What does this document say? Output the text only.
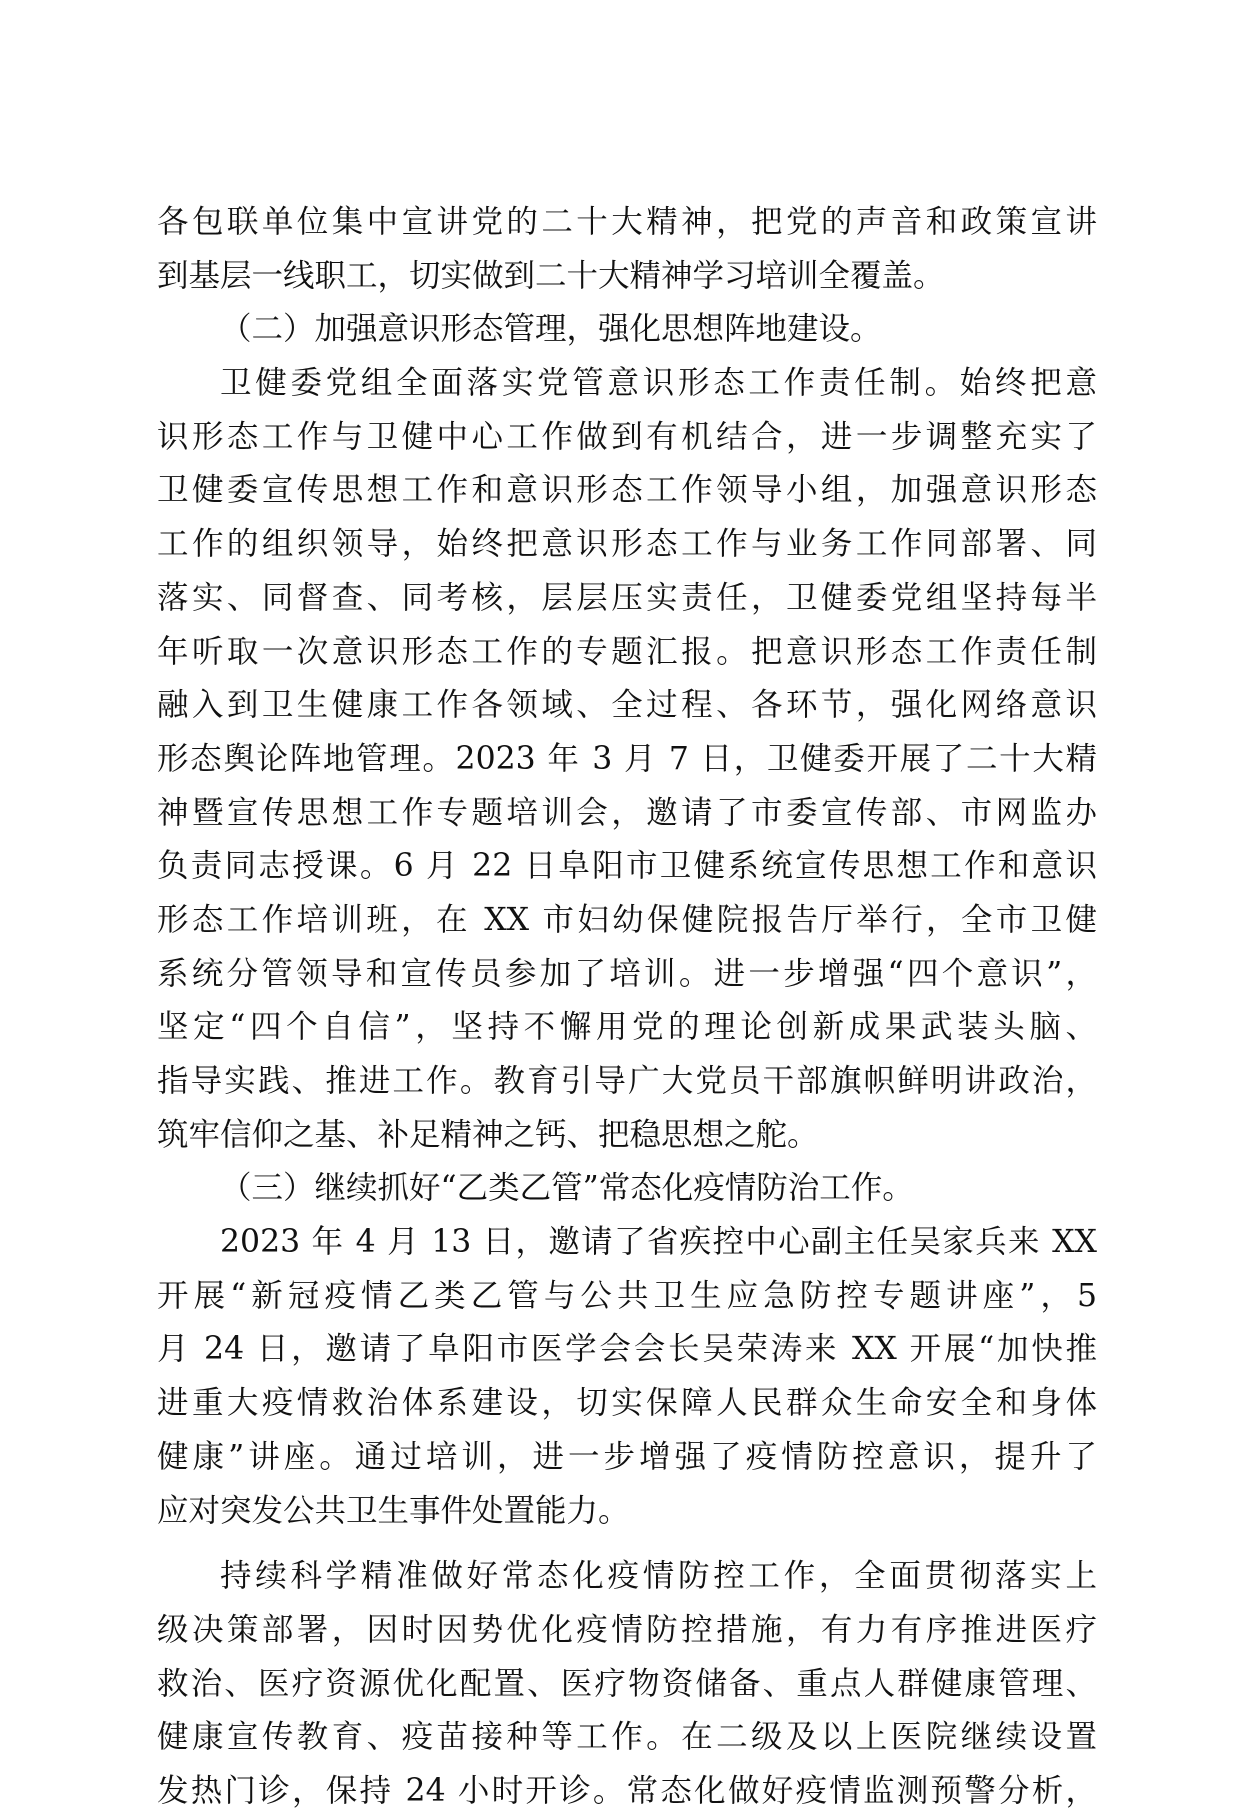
各包联单位集中宣讲党的二十大精神，把党的声音和政策宣讲
到基层一线职工，切实做到二十大精神学习培训全覆盖。
（二）加强意识形态管理，强化思想阵地建设。
卫健委党组全面落实党管意识形态工作责任制。始终把意
识形态工作与卫健中心工作做到有机结合，进一步调整充实了
卫健委宣传思想工作和意识形态工作领导小组，加强意识形态
工作的组织领导，始终把意识形态工作与业务工作同部署、同
落实、同督查、同考核，层层压实责任，卫健委党组坚持每半
年听取一次意识形态工作的专题汇报。把意识形态工作责任制
融入到卫生健康工作各领域、全过程、各环节，强化网络意识
形态舆论阵地管理。2023 年 3 月 7 日，卫健委开展了二十大精
神暨宣传思想工作专题培训会，邀请了市委宣传部、市网监办
负责同志授课。6 月 22 日阜阳市卫健系统宣传思想工作和意识
形态工作培训班，在 XX 市妇幼保健院报告厅举行，全市卫健
系统分管领导和宣传员参加了培训。进一步增强“四个意识”，
坚定“四个自信”，坚持不懈用党的理论创新成果武装头脑、
指导实践、推进工作。教育引导广大党员干部旗帜鲜明讲政治，
筑牢信仰之基、补足精神之钙、把稳思想之舵。
（三）继续抓好“乙类乙管”常态化疫情防治工作。
2023 年 4 月 13 日，邀请了省疾控中心副主任吴家兵来 XX
开展“新冠疫情乙类乙管与公共卫生应急防控专题讲座”，5
月 24 日，邀请了阜阳市医学会会长吴荣涛来 XX 开展“加快推
进重大疫情救治体系建设，切实保障人民群众生命安全和身体
健康”讲座。通过培训，进一步增强了疫情防控意识，提升了
应对突发公共卫生事件处置能力。
持续科学精准做好常态化疫情防控工作，全面贯彻落实上
级决策部署，因时因势优化疫情防控措施，有力有序推进医疗
救治、医疗资源优化配置、医疗物资储备、重点人群健康管理、
健康宣传教育、疫苗接种等工作。在二级及以上医院继续设置
发热门诊，保持 24 小时开诊。常态化做好疫情监测预警分析，
